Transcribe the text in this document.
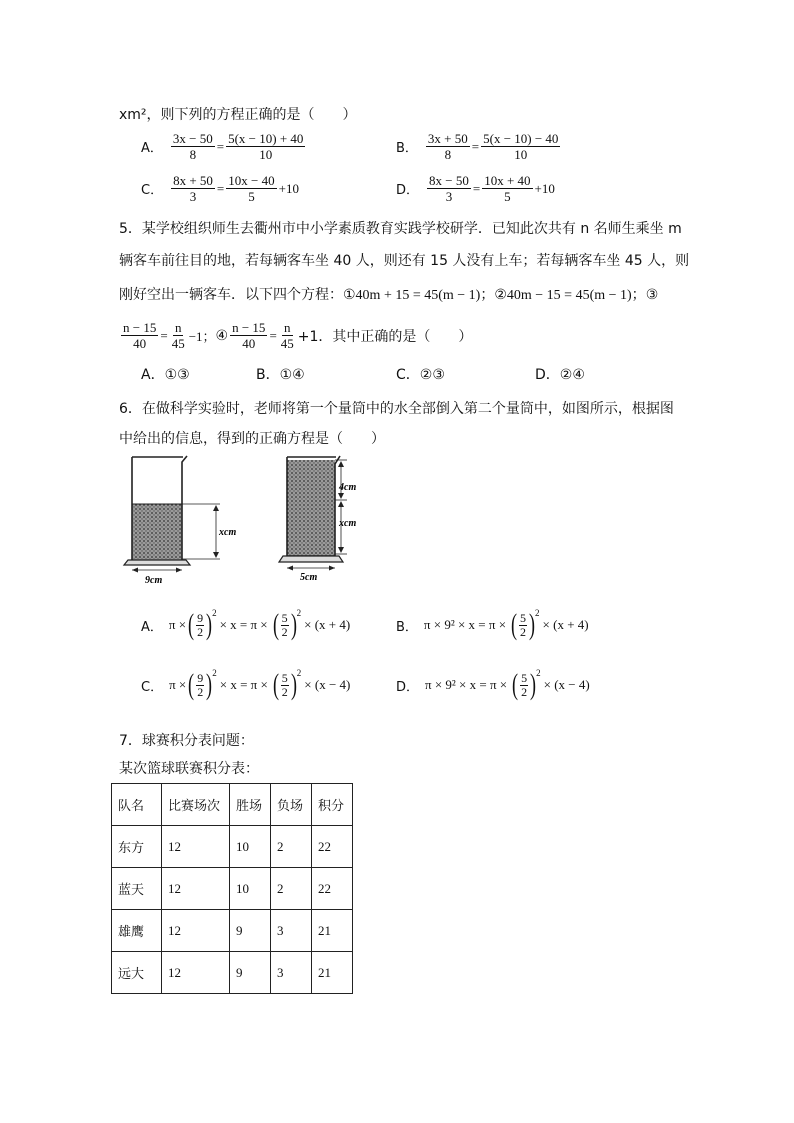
xm²，则下列的方程正确的是（　　）
A． $\frac{3x - 50}{8} = \frac{5(x - 10) + 40}{10}$	B． $\frac{3x + 50}{8} = \frac{5(x - 10) - 40}{10}$
C． $\frac{8x + 50}{3} = \frac{10x - 40}{5} +10$	D． $\frac{8x - 50}{3} = \frac{10x + 40}{5} +10$
5．某学校组织师生去衢州市中小学素质教育实践学校研学．已知此次共有 n 名师生乘坐 m
辆客车前往目的地，若每辆客车坐 40 人，则还有 15 人没有上车；若每辆客车坐 45 人，则
刚好空出一辆客车．以下四个方程：①40m + 15 = 45(m − 1)；②40m − 15 = 45(m − 1)；③
$\frac{n - 15}{40} = \frac{n}{45} -1$； ④ $\frac{n - 15}{40} = \frac{n}{45} +1$．其中正确的是（　　）
A．①③	B．①④	C．②③	D．②④
6．在做科学实验时，老师将第一个量筒中的水全部倒入第二个量筒中，如图所示，根据图
中给出的信息，得到的正确方程是（　　）
xcm
9cm
4cm
xcm
5cm
A． π × ( $\frac{9}{2} )^2$
× x = π × ( $\frac{5}{2} )^2$
× (x + 4)	B． π × 9² × x = π × ( $\frac{5}{2} )^2$
× (x + 4)
C． π × ( $\frac{9}{2} )^2$
× x = π × ( $\frac{5}{2} )^2$
× (x − 4)	D． π × 9² × x = π × ( $\frac{5}{2} )^2$
× (x − 4)
7．球赛积分表问题：
某次篮球联赛积分表：
队名	比赛场次	胜场	负场	积分
东方	12	10	2	22
蓝天	12	10	2	22
雄鹰	12	9	3	21
远大	12	9	3	21
